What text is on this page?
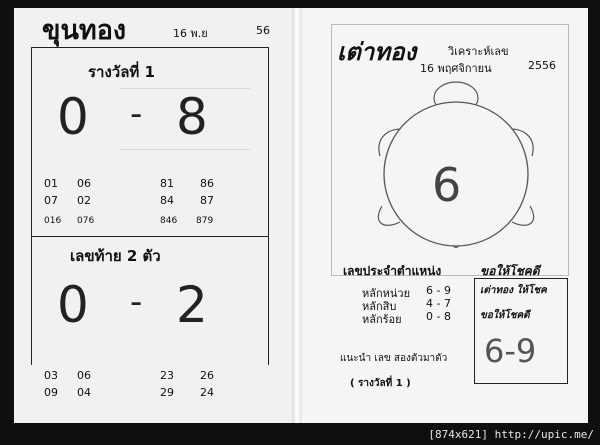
ขุนทอง	16 พ.ย	56
รางวัลที่ 1
0 - 8
01 06	81 86
07 02	84 87
016 076	846 879
เลขท้าย 2 ตัว
0 - 2
03 06	23 26
09 04	29 24
เต่าทอง	วิเคราะห์เลข
16 พฤศจิกายน	2556
6
เลขประจำตำแหน่ง
หลักหน่วย 6 - 9
หลักสิบ	4 - 7
หลักร้อย 0 - 8
ขอให้โชคดี
เต่าทอง ให้โชค
ขอให้โชคดี
6-9
แนะนำ เลข สองตัวมาตัว
( รางวัลที่ 1 )
[874x621] http://upic.me/
